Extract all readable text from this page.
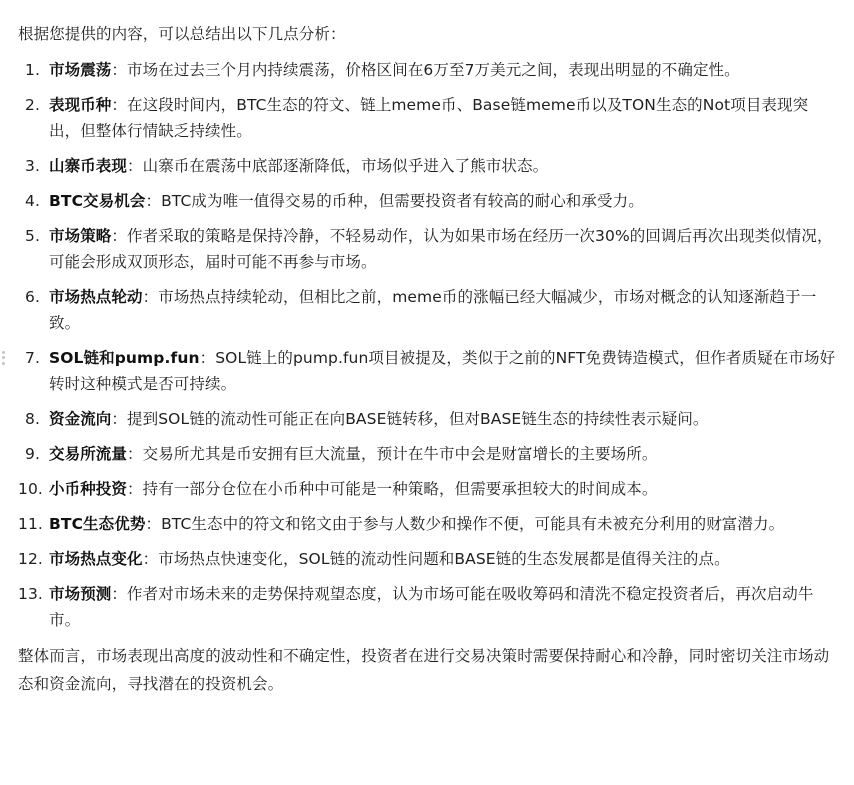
根据您提供的内容，可以总结出以下几点分析：

1. 市场震荡：市场在过去三个月内持续震荡，价格区间在6万至7万美元之间，表现出明显的不确定性。
2. 表现币种：在这段时间内，BTC生态的符文、链上meme币、Base链meme币以及TON生态的Not项目表现突出，但整体行情缺乏持续性。
3. 山寨币表现：山寨币在震荡中底部逐渐降低，市场似乎进入了熊市状态。
4. BTC交易机会：BTC成为唯一值得交易的币种，但需要投资者有较高的耐心和承受力。
5. 市场策略：作者采取的策略是保持冷静，不轻易动作，认为如果市场在经历一次30%的回调后再次出现类似情况，可能会形成双顶形态，届时可能不再参与市场。
6. 市场热点轮动：市场热点持续轮动，但相比之前，meme币的涨幅已经大幅减少，市场对概念的认知逐渐趋于一致。
7. SOL链和pump.fun：SOL链上的pump.fun项目被提及，类似于之前的NFT免费铸造模式，但作者质疑在市场好转时这种模式是否可持续。
8. 资金流向：提到SOL链的流动性可能正在向BASE链转移，但对BASE链生态的持续性表示疑问。
9. 交易所流量：交易所尤其是币安拥有巨大流量，预计在牛市中会是财富增长的主要场所。
10. 小币种投资：持有一部分仓位在小币种中可能是一种策略，但需要承担较大的时间成本。
11. BTC生态优势：BTC生态中的符文和铭文由于参与人数少和操作不便，可能具有未被充分利用的财富潜力。
12. 市场热点变化：市场热点快速变化，SOL链的流动性问题和BASE链的生态发展都是值得关注的点。
13. 市场预测：作者对市场未来的走势保持观望态度，认为市场可能在吸收筹码和清洗不稳定投资者后，再次启动牛市。

整体而言，市场表现出高度的波动性和不确定性，投资者在进行交易决策时需要保持耐心和冷静，同时密切关注市场动态和资金流向，寻找潜在的投资机会。
